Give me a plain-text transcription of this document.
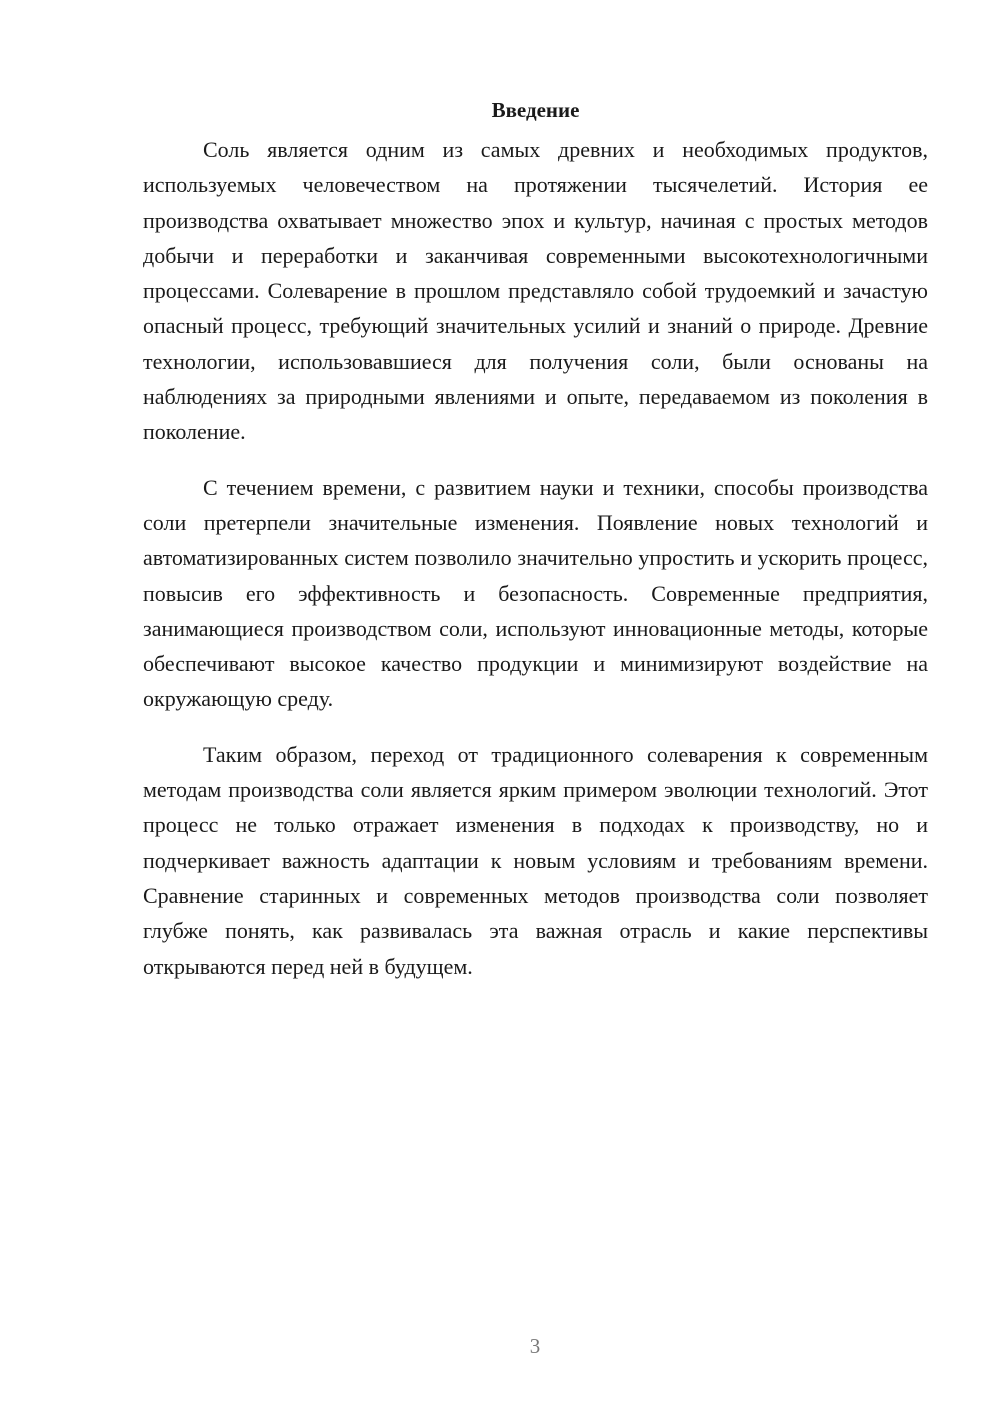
Введение

Соль является одним из самых древних и необходимых продуктов, используемых человечеством на протяжении тысячелетий. История ее производства охватывает множество эпох и культур, начиная с простых методов добычи и переработки и заканчивая современными высокотехнологичными процессами. Солеварение в прошлом представляло собой трудоемкий и зачастую опасный процесс, требующий значительных усилий и знаний о природе. Древние технологии, использовавшиеся для получения соли, были основаны на наблюдениях за природными явлениями и опыте, передаваемом из поколения в поколение.

С течением времени, с развитием науки и техники, способы производства соли претерпели значительные изменения. Появление новых технологий и автоматизированных систем позволило значительно упростить и ускорить процесс, повысив его эффективность и безопасность. Современные предприятия, занимающиеся производством соли, используют инновационные методы, которые обеспечивают высокое качество продукции и минимизируют воздействие на окружающую среду.

Таким образом, переход от традиционного солеварения к современным методам производства соли является ярким примером эволюции технологий. Этот процесс не только отражает изменения в подходах к производству, но и подчеркивает важность адаптации к новым условиям и требованиям времени. Сравнение старинных и современных методов производства соли позволяет глубже понять, как развивалась эта важная отрасль и какие перспективы открываются перед ней в будущем.

3
